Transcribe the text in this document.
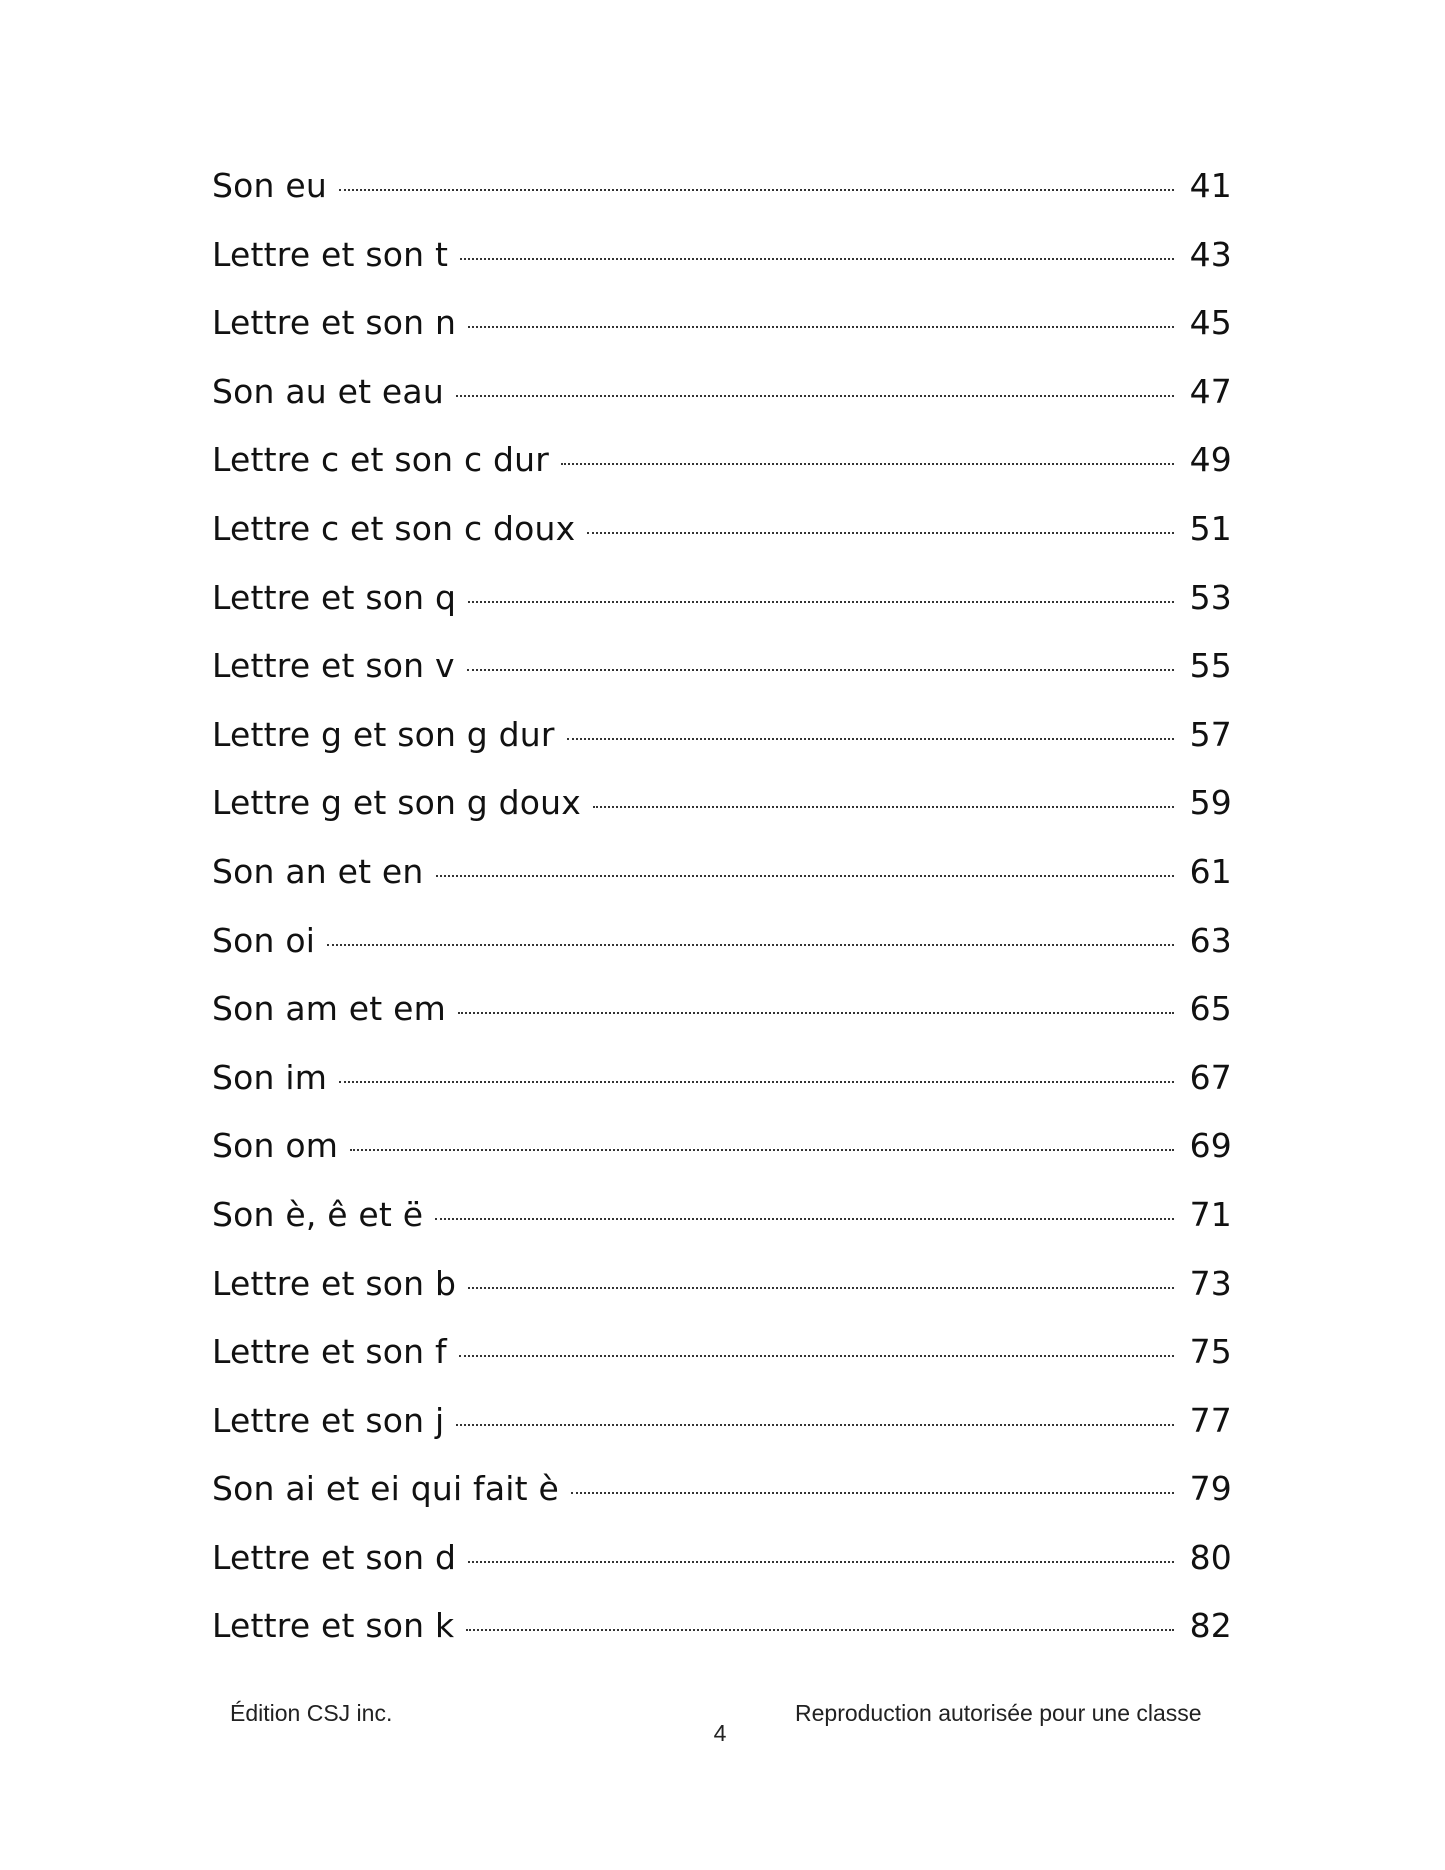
Son eu	41
Lettre et son t	43
Lettre et son n	45
Son au et eau	47
Lettre c et son c dur	49
Lettre c et son c doux	51
Lettre et son q	53
Lettre et son v	55
Lettre g et son g dur	57
Lettre g et son g doux	59
Son an et en	61
Son oi	63
Son am et em	65
Son im	67
Son om	69
Son è, ê et ë	71
Lettre et son b	73
Lettre et son f	75
Lettre et son j	77
Son ai et ei qui fait è	79
Lettre et son d	80
Lettre et son k	82
Édition CSJ inc.
4
Reproduction autorisée pour une classe
